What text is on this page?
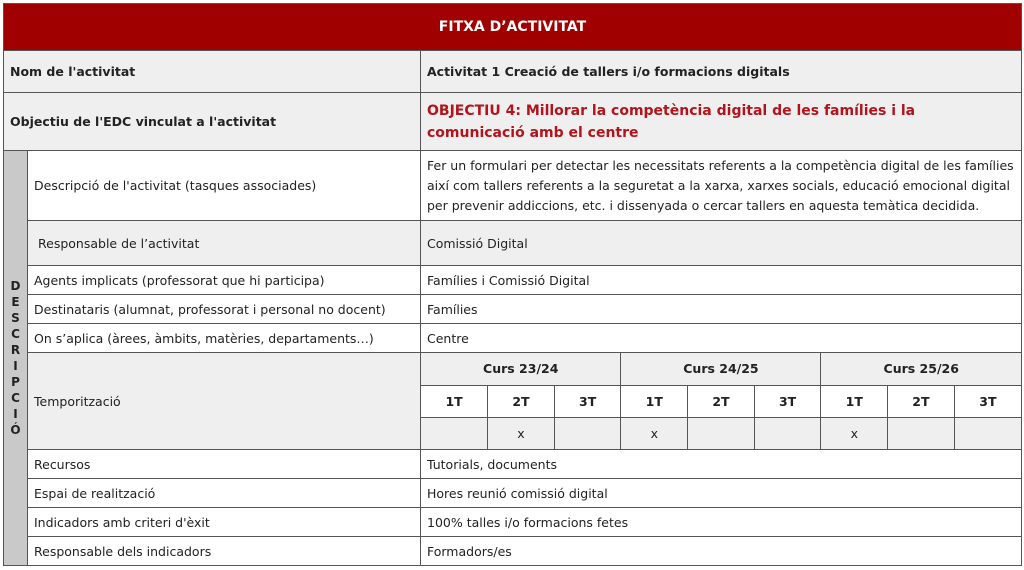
FITXA D’ACTIVITAT
Nom de l'activitat	Activitat 1 Creació de tallers i/o formacions digitals
Objectiu de l'EDC vinculat a l'activitat	OBJECTIU 4: Millorar la competència digital de les famílies i la comunicació amb el centre

D
E
S
C
R
I
P
C
I
Ó
	Descripció de l'activitat (tasques associades)	Fer un formulari per detectar les necessitats referents a la competència digital de les famílies així com tallers referents a la seguretat a la xarxa, xarxes socials, educació emocional digital per prevenir addiccions, etc. i dissenyada o cercar tallers en aquesta temàtica decidida.
Responsable de l’activitat	Comissió Digital
Agents implicats (professorat que hi participa)	Famílies i Comissió Digital
Destinataris (alumnat, professorat i personal no docent)	Famílies
On s’aplica (àrees, àmbits, matèries, departaments…)	Centre
Temporització	
Curs 23/24	Curs 24/25	Curs 25/26
1T	2T	3T	1T	2T	3T	1T	2T	3T
	x		x			x		

Recursos	Tutorials, documents
Espai de realització	Hores reunió comissió digital
Indicadors amb criteri d'èxit	100% talles i/o formacions fetes
Responsable dels indicadors	Formadors/es
